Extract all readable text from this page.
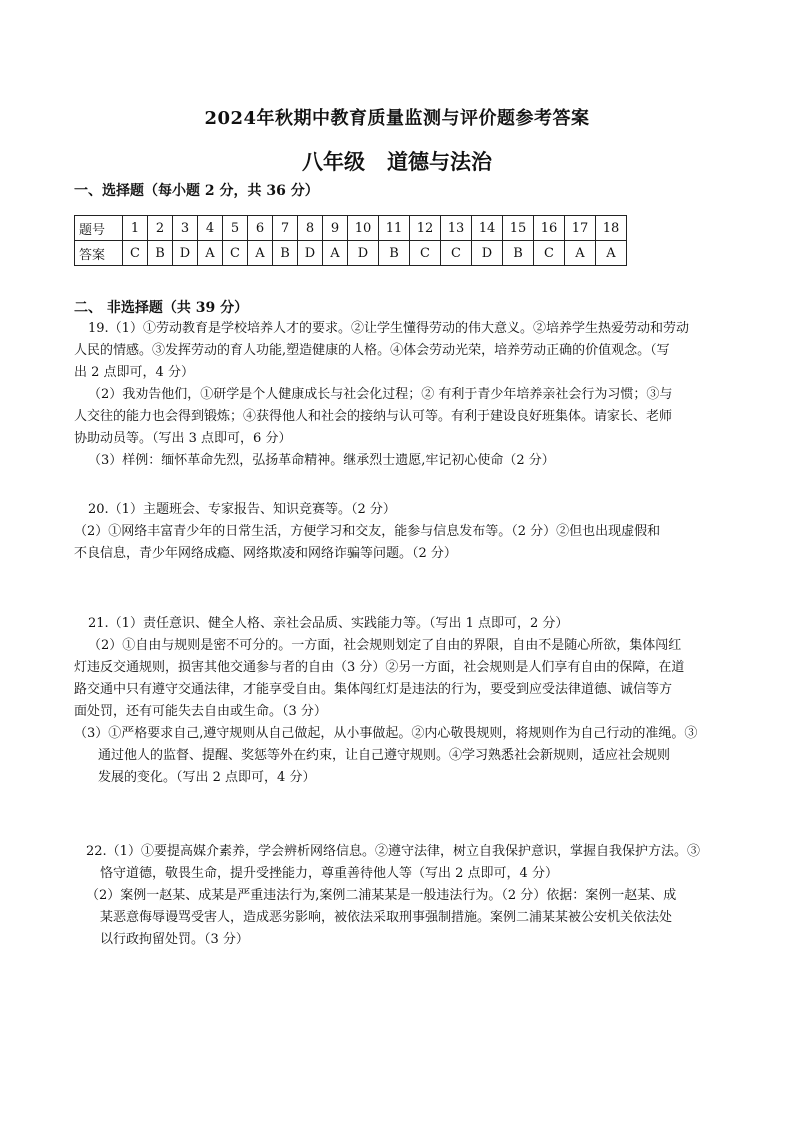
2024年秋期中教育质量监测与评价题参考答案
八年级 道德与法治
一、选择题（每小题 2 分，共 36 分）
题号	1	2	3	4	5	6	7	8	9	10	11	12	13	14	15	16	17	18
答案	C	B	D	A	C	A	B	D	A	D	B	C	C	D	B	C	A	A
二、 非选择题（共 39 分）

19.（1）①劳动教育是学校培养人才的要求。②让学生懂得劳动的伟大意义。②培养学生热爱劳动和劳动

人民的情感。③发挥劳动的育人功能,塑造健康的人格。④体会劳动光荣，培养劳动正确的价值观念。（写

出 2 点即可，4 分）

（2）我劝告他们，①研学是个人健康成长与社会化过程；② 有利于青少年培养亲社会行为习惯；③与

人交往的能力也会得到锻炼；④获得他人和社会的接纳与认可等。有利于建设良好班集体。请家长、老师

协助动员等。（写出 3 点即可，6 分）

（3）样例：缅怀革命先烈，弘扬革命精神。继承烈士遗愿,牢记初心使命（2 分）

20.（1）主题班会、专家报告、知识竞赛等。（2 分）

（2）①网络丰富青少年的日常生活，方便学习和交友，能参与信息发布等。（2 分）②但也出现虚假和

不良信息，青少年网络成瘾、网络欺凌和网络诈骗等问题。（2 分）

21.（1）责任意识、健全人格、亲社会品质、实践能力等。（写出 1 点即可，2 分）

（2）①自由与规则是密不可分的。一方面，社会规则划定了自由的界限，自由不是随心所欲，集体闯红

灯违反交通规则，损害其他交通参与者的自由（3 分）②另一方面，社会规则是人们享有自由的保障，在道

路交通中只有遵守交通法律，才能享受自由。集体闯红灯是违法的行为，要受到应受法律道德、诚信等方

面处罚，还有可能失去自由或生命。（3 分）

（3）①严格要求自己,遵守规则从自己做起，从小事做起。②内心敬畏规则，将规则作为自己行动的准绳。③

通过他人的监督、提醒、奖惩等外在约束，让自己遵守规则。④学习熟悉社会新规则，适应社会规则

发展的变化。（写出 2 点即可，4 分）

22.（1）①要提高媒介素养，学会辨析网络信息。②遵守法律，树立自我保护意识，掌握自我保护方法。③

恪守道德，敬畏生命，提升受挫能力，尊重善待他人等（写出 2 点即可，4 分）

（2）案例一赵某、成某是严重违法行为,案例二浦某某是一般违法行为。（2 分）依据：案例一赵某、成

某恶意侮辱谩骂受害人，造成恶劣影响，被依法采取刑事强制措施。案例二浦某某被公安机关依法处

以行政拘留处罚。（3 分）
